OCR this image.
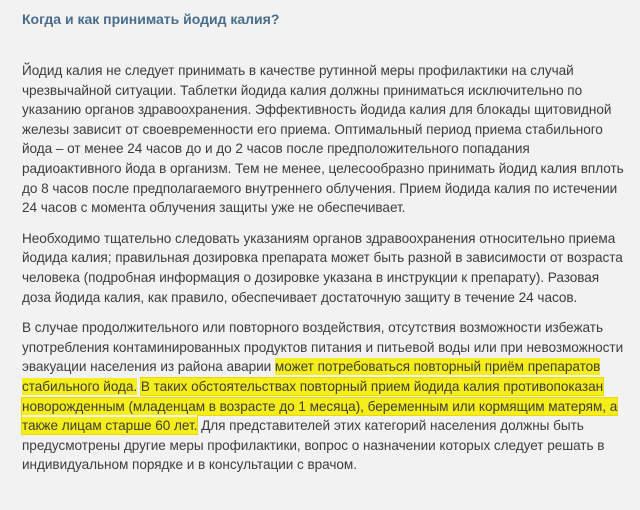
Когда и как принимать йодид калия?

Йодид калия не следует принимать в качестве рутинной меры профилактики на случай чрезвычайной ситуации. Таблетки йодида калия должны приниматься исключительно по указанию органов здравоохранения. Эффективность йодида калия для блокады щитовидной железы зависит от своевременности его приема. Оптимальный период приема стабильного йода – от менее 24 часов до и до 2 часов после предположительного попадания радиоактивного йода в организм. Тем не менее, целесообразно принимать йодид калия вплоть до 8 часов после предполагаемого внутреннего облучения. Прием йодида калия по истечении 24 часов с момента облучения защиты уже не обеспечивает.

Необходимо тщательно следовать указаниям органов здравоохранения относительно приема йодида калия; правильная дозировка препарата может быть разной в зависимости от возраста человека (подробная информация о дозировке указана в инструкции к препарату). Разовая доза йодида калия, как правило, обеспечивает достаточную защиту в течение 24 часов.

В случае продолжительного или повторного воздействия, отсутствия возможности избежать употребления контаминированных продуктов питания и питьевой воды или при невозможности эвакуации населения из района аварии может потребоваться повторный приём препаратов стабильного йода. В таких обстоятельствах повторный прием йодида калия противопоказан новорожденным (младенцам в возрасте до 1 месяца), беременным или кормящим матерям, а также лицам старше 60 лет. Для представителей этих категорий населения должны быть предусмотрены другие меры профилактики, вопрос о назначении которых следует решать в индивидуальном порядке и в консультации с врачом.
